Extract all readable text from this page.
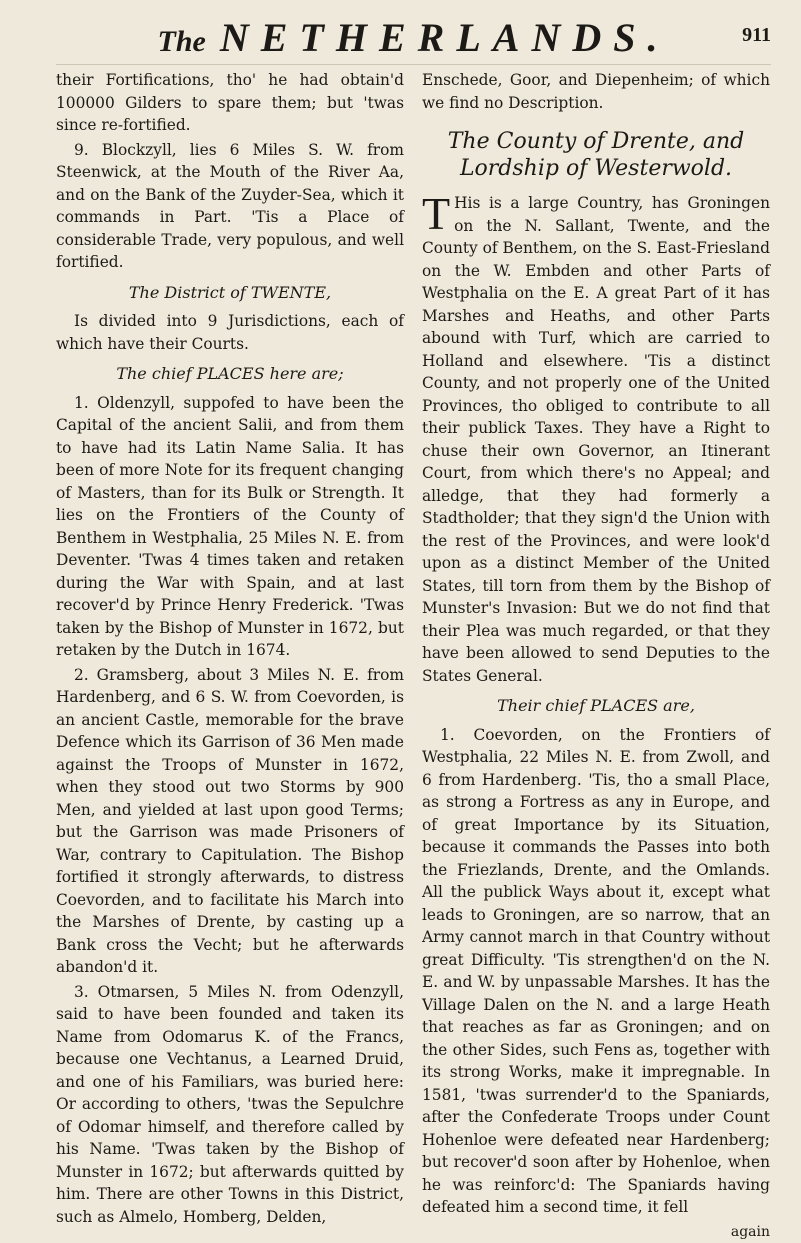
The NETHERLANDS.	911

their Fortifications, tho' he had obtain'd 100000 Gilders to spare them; but 'twas since re-fortified.

9. Blockzyll, lies 6 Miles S. W. from Steenwick, at the Mouth of the River Aa, and on the Bank of the Zuyder-Sea, which it commands in Part. 'Tis a Place of considerable Trade, very populous, and well fortified.

The District of TWENTE,

Is divided into 9 Jurisdictions, each of which have their Courts.

The chief PLACES here are;

1. Oldenzyll, suppofed to have been the Capital of the ancient Salii, and from them to have had its Latin Name Salia. It has been of more Note for its frequent changing of Masters, than for its Bulk or Strength. It lies on the Frontiers of the County of Benthem in Westphalia, 25 Miles N. E. from Deventer. 'Twas 4 times taken and retaken during the War with Spain, and at last recover'd by Prince Henry Frederick. 'Twas taken by the Bishop of Munster in 1672, but retaken by the Dutch in 1674.

2. Gramsberg, about 3 Miles N. E. from Hardenberg, and 6 S. W. from Coevorden, is an ancient Castle, memorable for the brave Defence which its Garrison of 36 Men made against the Troops of Munster in 1672, when they stood out two Storms by 900 Men, and yielded at last upon good Terms; but the Garrison was made Prisoners of War, contrary to Capitulation. The Bishop fortified it strongly afterwards, to distress Coevorden, and to facilitate his March into the Marshes of Drente, by casting up a Bank cross the Vecht; but he afterwards abandon'd it.

3. Otmarsen, 5 Miles N. from Odenzyll, said to have been founded and taken its Name from Odomarus K. of the Francs, because one Vechtanus, a Learned Druid, and one of his Familiars, was buried here: Or according to others, 'twas the Sepulchre of Odomar himself, and therefore called by his Name. 'Twas taken by the Bishop of Munster in 1672; but afterwards quitted by him. There are other Towns in this District, such as Almelo, Homberg, Delden,

Enschede, Goor, and Diepenheim; of which we find no Description.

The County of Drente, and Lordship of Westerwold.

T His is a large Country, has Groningen on the N. Sallant, Twente, and the County of Benthem, on the S. East-Friesland on the W. Embden and other Parts of Westphalia on the E. A great Part of it has Marshes and Heaths, and other Parts abound with Turf, which are carried to Holland and elsewhere. 'Tis a distinct County, and not properly one of the United Provinces, tho obliged to contribute to all their publick Taxes. They have a Right to chuse their own Governor, an Itinerant Court, from which there's no Appeal; and alledge, that they had formerly a Stadtholder; that they sign'd the Union with the rest of the Provinces, and were look'd upon as a distinct Member of the United States, till torn from them by the Bishop of Munster's Invasion: But we do not find that their Plea was much regarded, or that they have been allowed to send Deputies to the States General.

Their chief PLACES are,

1. Coevorden, on the Frontiers of Westphalia, 22 Miles N. E. from Zwoll, and 6 from Hardenberg. 'Tis, tho a small Place, as strong a Fortress as any in Europe, and of great Importance by its Situation, because it commands the Passes into both the Friezlands, Drente, and the Omlands. All the publick Ways about it, except what leads to Groningen, are so narrow, that an Army cannot march in that Country without great Difficulty. 'Tis strengthen'd on the N. E. and W. by unpassable Marshes. It has the Village Dalen on the N. and a large Heath that reaches as far as Groningen; and on the other Sides, such Fens as, together with its strong Works, make it impregnable. In 1581, 'twas surrender'd to the Spaniards, after the Confederate Troops under Count Hohenloe were defeated near Hardenberg; but recover'd soon after by Hohenloe, when he was reinforc'd: The Spaniards having defeated him a second time, it fell

again
